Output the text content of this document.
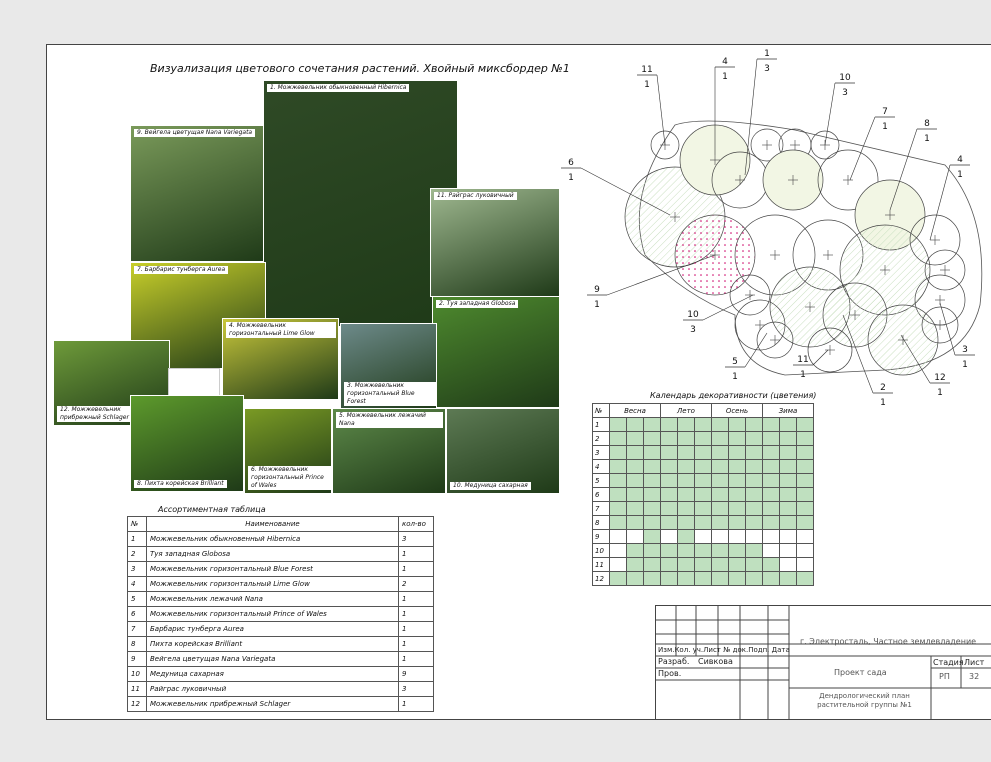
Визуализация цветового сочетания растений. Хвойный миксбордер №1
9. Вейгела цветущая Nana Variegata
1. Можжевельник обыкновенный Hibernica
11. Райграс луковичный
7. Барбарис тунберга Aurea
2. Туя западная Globosa
4. Можжевельник горизонтальный Lime Glow
3. Можжевельник горизонтальный Blue Forest
12. Можжевельник прибрежный Schlager
8. Пихта корейская Brilliant
6. Можжевельник горизонтальный Prince of Wales
5. Можжевельник лежачий Nana
10. Медуница сахарная
Ассортиментная таблица
№	Наименование	кол-во
1	Можжевельник обыкновенный Hibernica	3
2	Туя западная Globosa	1
3	Можжевельник горизонтальный Blue Forest	1
4	Можжевельник горизонтальный Lime Glow	2
5	Можжевельник лежачий Nana	1
6	Можжевельник горизонтальный Prince of Wales	1
7	Барбарис тунберга Aurea	1
8	Пихта корейская Brilliant	1
9	Вейгела цветущая Nana Variegata	1
10	Медуница сахарная	9
11	Райграс луковичный	3
12	Можжевельник прибрежный Schlager	1
11
1
4
1
1
3
10
3
7
1	8
1
6
1
4
1
9
1
10
3
5
1
11
1
2
1
12
1
3
1
Календарь декоративности (цветения)
№	Весна			Лето			Осень			Зима		
1												
2												
3												
4												
5												
6												
7												
8												
9												
10												
11												
12												
г. Электросталь, Частное землевладение
Изм.Кол. уч.Лист № док.Подп. Дата
Разраб. Сивкова
Пров.	Проект сада
Стадия Лист
РП 32
Дендрологический план растительной группы №1
